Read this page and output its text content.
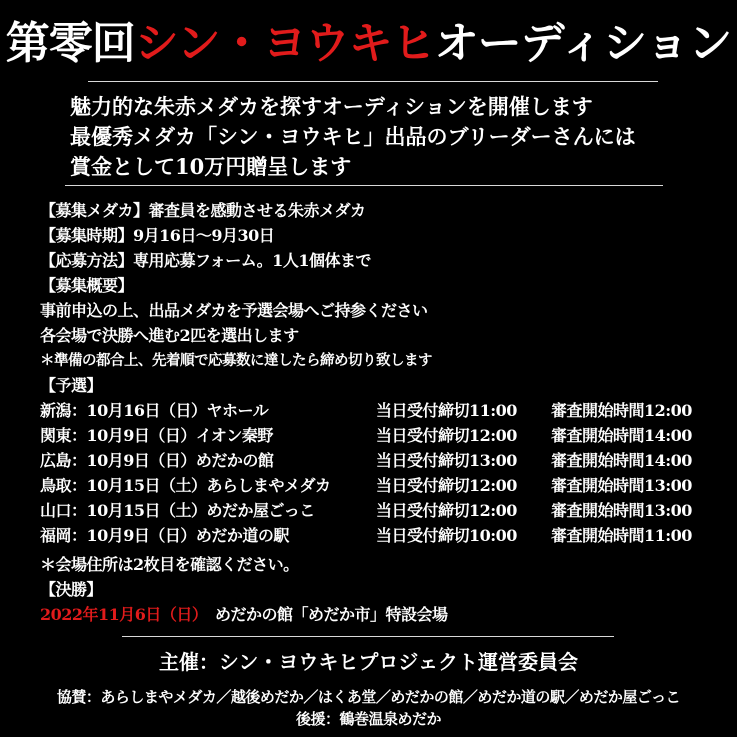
第零回シン・ヨウキヒオーディション
魅力的な朱赤メダカを探すオーディションを開催します
最優秀メダカ「シン・ヨウキヒ」出品のブリーダーさんには
賞金として10万円贈呈します
【募集メダカ】審査員を感動させる朱赤メダカ
【募集時期】9月16日～9月30日
【応募方法】専用応募フォーム。1人1個体まで
【募集概要】
事前申込の上、出品メダカを予選会場へご持参ください
各会場で決勝へ進む2匹を選出します
＊準備の都合上、先着順で応募数に達したら締め切り致します
【予選】
新潟：10月16日（日）ヤホール	当日受付締切11:00 審査開始時間12:00
関東：10月9日（日）イオン秦野	当日受付締切12:00 審査開始時間14:00
広島：10月9日（日）めだかの館	当日受付締切13:00 審査開始時間14:00
鳥取：10月15日（土）あらしまやメダカ	当日受付締切12:00 審査開始時間13:00
山口：10月15日（土）めだか屋ごっこ	当日受付締切12:00 審査開始時間13:00
福岡：10月9日（日）めだか道の駅	当日受付締切10:00 審査開始時間11:00
＊会場住所は2枚目を確認ください。
【決勝】
2022年11月6日（日）　 めだかの館「めだか市」特設会場
主催：シン・ヨウキヒプロジェクト運営委員会
協賛：あらしまやメダカ／越後めだか／はくあ堂／めだかの館／めだか道の駅／めだか屋ごっこ
後援：鶴巻温泉めだか
